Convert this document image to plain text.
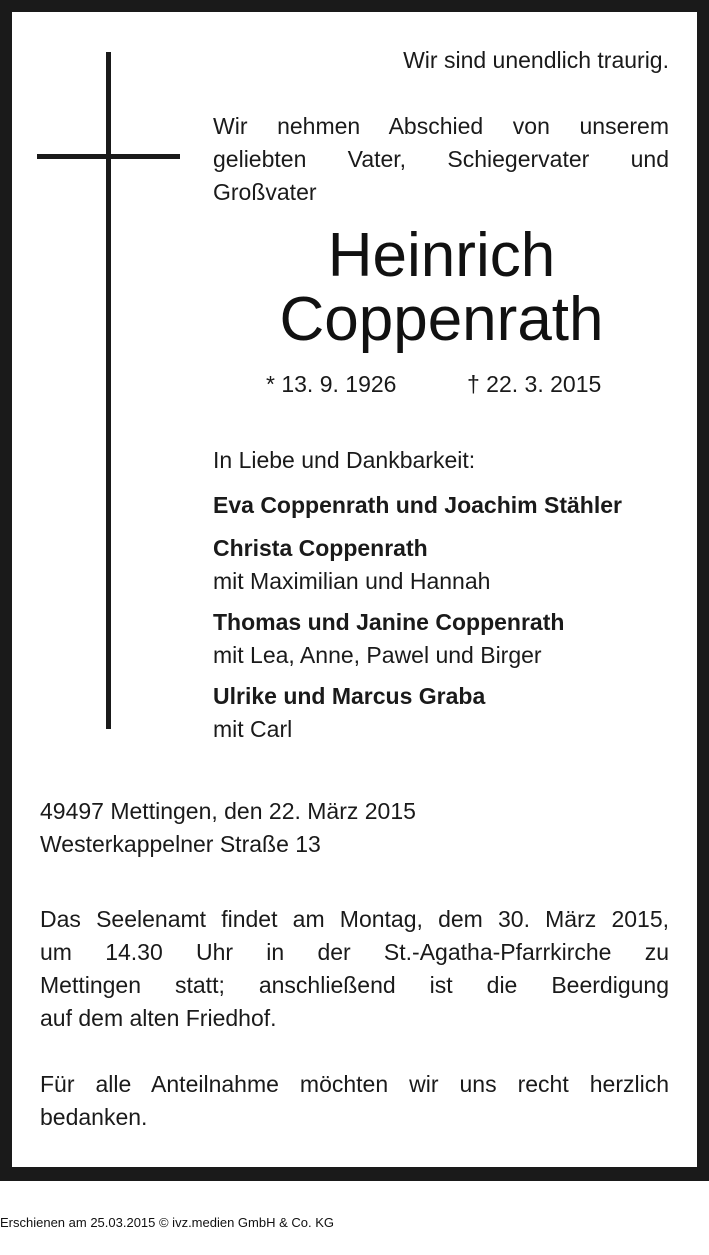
Wir sind unendlich traurig.
Wir nehmen Abschied von unserem
geliebten Vater, Schiegervater und
Großvater
Heinrich
Coppenrath
* 13. 9. 1926	† 22. 3. 2015
In Liebe und Dankbarkeit:
Eva Coppenrath und Joachim Stähler
Christa Coppenrath
mit Maximilian und Hannah
Thomas und Janine Coppenrath
mit Lea, Anne, Pawel und Birger
Ulrike und Marcus Graba
mit Carl
49497 Mettingen, den 22. März 2015
Westerkappelner Straße 13
Das Seelenamt findet am Montag, dem 30. März 2015,
um 14.30 Uhr in der St.-Agatha-Pfarrkirche zu
Mettingen statt; anschließend ist die Beerdigung
auf dem alten Friedhof.
Für alle Anteilnahme möchten wir uns recht herzlich
bedanken.
Erschienen am 25.03.2015 © ivz.medien GmbH & Co. KG
